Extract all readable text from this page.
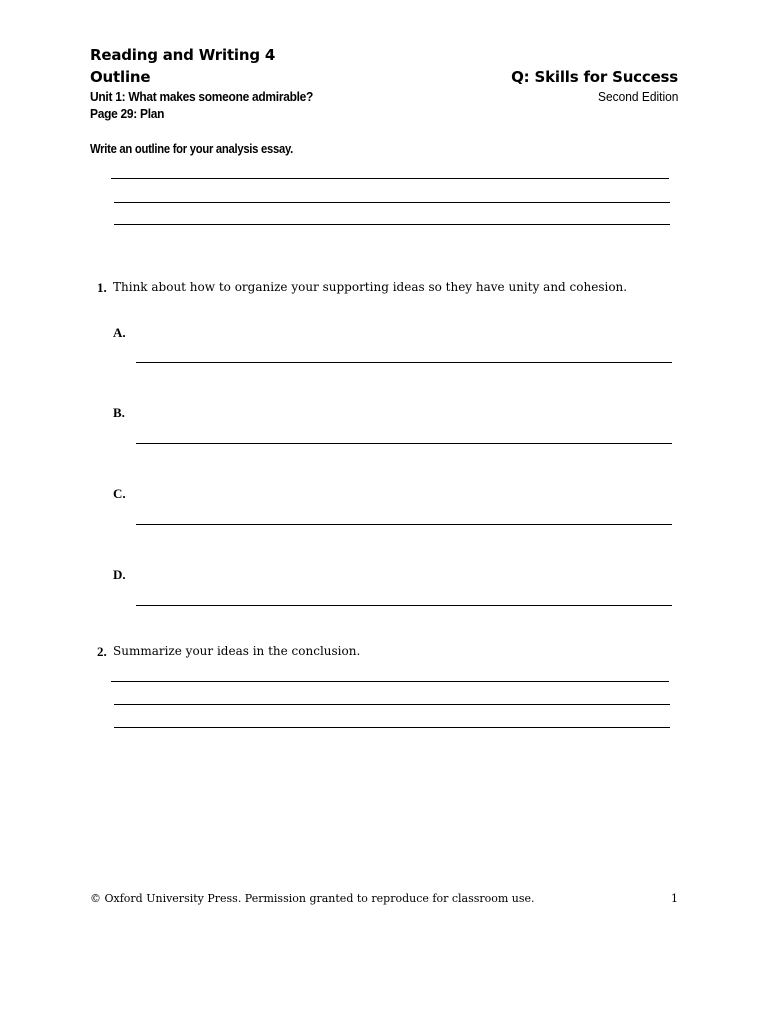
Reading and Writing 4
Outline
Unit 1: What makes someone admirable?
Page 29: Plan
Q: Skills for Success
Second Edition
Write an outline for your analysis essay.
1. Think about how to organize your supporting ideas so they have unity and cohesion.
A.
B.
C.
D.
2. Summarize your ideas in the conclusion.
© Oxford University Press. Permission granted to reproduce for classroom use.	1
